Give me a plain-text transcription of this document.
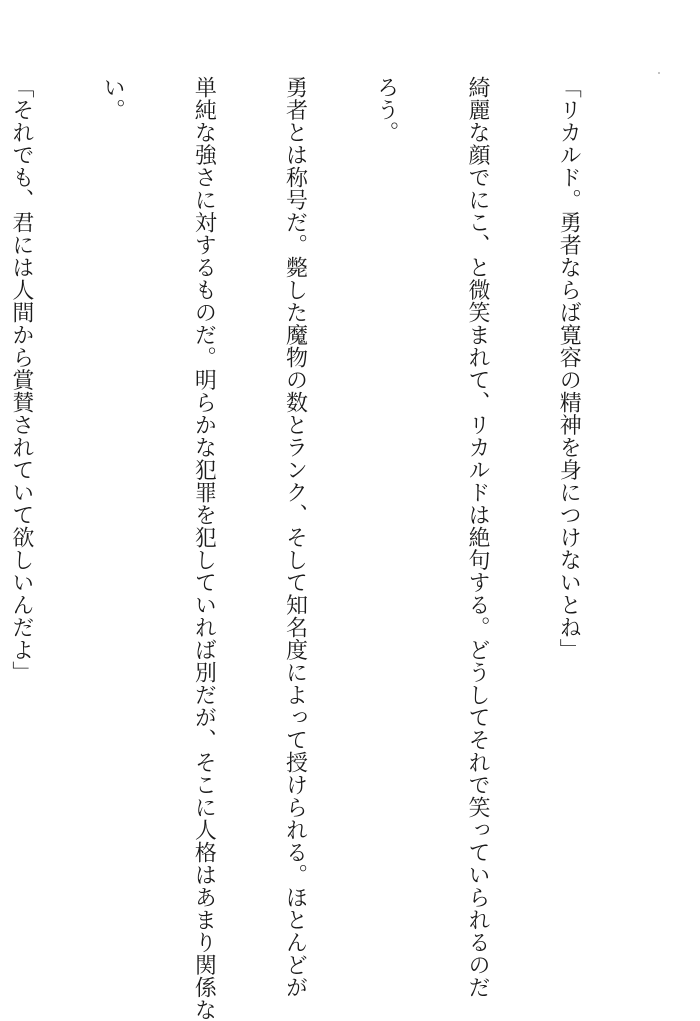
「リカルド。勇者ならば寛容の精神を身につけないとね」

綺麗な顔でにこ、と微笑まれて、リカルドは絶句する。どうしてそれで笑っていられるのだ

ろう。

勇者とは称号だ。斃した魔物の数とランク、そして知名度によって授けられる。ほとんどが

単純な強さに対するものだ。明らかな犯罪を犯していれば別だが、そこに人格はあまり関係な

い。

「それでも、君には人間から賞賛されていて欲しいんだよ」
